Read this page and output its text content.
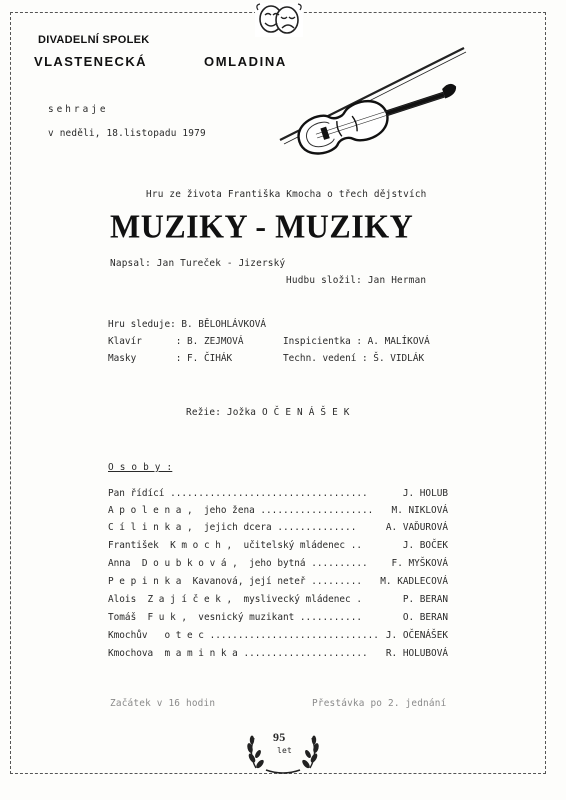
DIVADELNÍ SPOLEK
VLASTENECKÁ	OMLADINA
sehraje
v neděli, 18.listopadu 1979
Hru ze života Františka Kmocha o třech dějstvích
MUZIKY - MUZIKY
Napsal: Jan Tureček - Jizerský
Hudbu složil: Jan Herman
Hru sleduje: B. BĚLOHLÁVKOVÁ
Klavír      : B. ZEJMOVÁ	Inspicientka : A. MALÍKOVÁ
Masky       : F. ČIHÁK	Techn. vedení : Š. VIDLÁK
Režie: Jožka O Č E N Á Š E K
O s o b y :
Pan řídící ...................................	J. HOLUB
A p o l e n a ,  jeho žena .................... M. NIKLOVÁ
C í l i n k a ,  jejich dcera ..............	A. VAĎUROVÁ
František  K m o c h ,  učitelský mládenec ..	J. BOČEK
Anna  D o u b k o v á ,  jeho bytná ..........	F. MYŠKOVÁ
P e p i n k a  Kavanová, její neteř ......... M. KADLECOVÁ
Alois  Z a j í č e k ,  myslivecký mládenec .	P. BERAN
Tomáš  F u k ,  vesnický muzikant ...........	O. BERAN
Kmochův   o t e c .............................. J. OČENÁŠEK
Kmochova  m a m i n k a ...................... R. HOLUBOVÁ
Začátek v 16 hodin	Přestávka po 2. jednání
95
let
